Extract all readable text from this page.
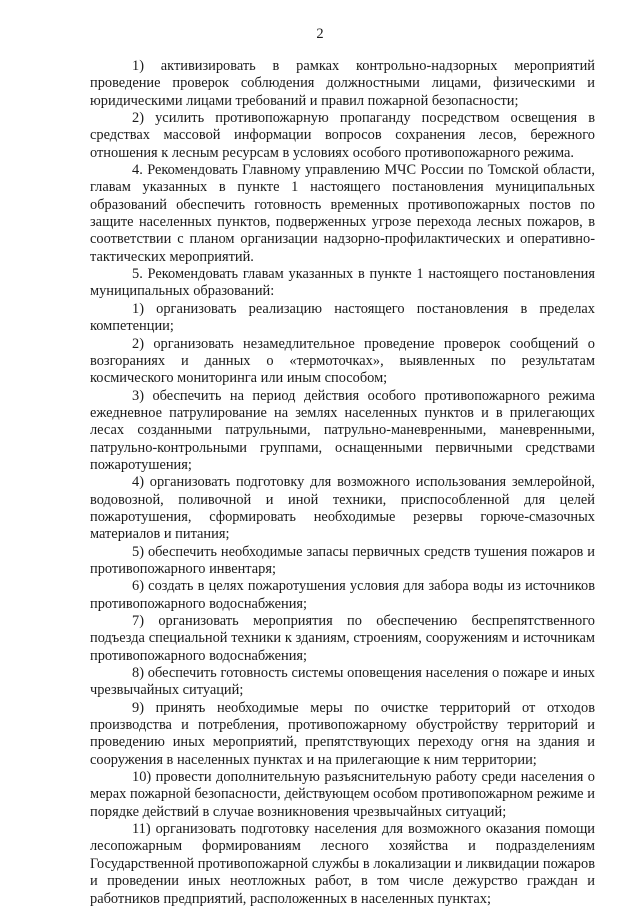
2

1) активизировать в рамках контрольно-надзорных мероприятий проведение проверок соблюдения должностными лицами, физическими и юридическими лицами требований и правил пожарной безопасности;

2) усилить противопожарную пропаганду посредством освещения в средствах массовой информации вопросов сохранения лесов, бережного отношения к лесным ресурсам в условиях особого противопожарного режима.

4. Рекомендовать Главному управлению МЧС России по Томской области, главам указанных в пункте 1 настоящего постановления муниципальных образований обеспечить готовность временных противопожарных постов по защите населенных пунктов, подверженных угрозе перехода лесных пожаров, в соответствии с планом организации надзорно-профилактических и оперативно-тактических мероприятий.

5. Рекомендовать главам указанных в пункте 1 настоящего постановления муниципальных образований:

1) организовать реализацию настоящего постановления в пределах компетенции;

2) организовать незамедлительное проведение проверок сообщений о возгораниях и данных о «термоточках», выявленных по результатам космического мониторинга или иным способом;

3) обеспечить на период действия особого противопожарного режима ежедневное патрулирование на землях населенных пунктов и в прилегающих лесах созданными патрульными, патрульно-маневренными, маневренными, патрульно-контрольными группами, оснащенными первичными средствами пожаротушения;

4) организовать подготовку для возможного использования землеройной, водовозной, поливочной и иной техники, приспособленной для целей пожаротушения, сформировать необходимые резервы горюче-смазочных материалов и питания;

5) обеспечить необходимые запасы первичных средств тушения пожаров и противопожарного инвентаря;

6) создать в целях пожаротушения условия для забора воды из источников противопожарного водоснабжения;

7) организовать мероприятия по обеспечению беспрепятственного подъезда специальной техники к зданиям, строениям, сооружениям и источникам противопожарного водоснабжения;

8) обеспечить готовность системы оповещения населения о пожаре и иных чрезвычайных ситуаций;

9) принять необходимые меры по очистке территорий от отходов производства и потребления, противопожарному обустройству территорий и проведению иных мероприятий, препятствующих переходу огня на здания и сооружения в населенных пунктах и на прилегающие к ним территории;

10) провести дополнительную разъяснительную работу среди населения о мерах пожарной безопасности, действующем особом противопожарном режиме и порядке действий в случае возникновения чрезвычайных ситуаций;

11) организовать подготовку населения для возможного оказания помощи лесопожарным формированиям лесного хозяйства и подразделениям Государственной противопожарной службы в локализации и ликвидации пожаров и проведении иных неотложных работ, в том числе дежурство граждан и работников предприятий, расположенных в населенных пунктах;
